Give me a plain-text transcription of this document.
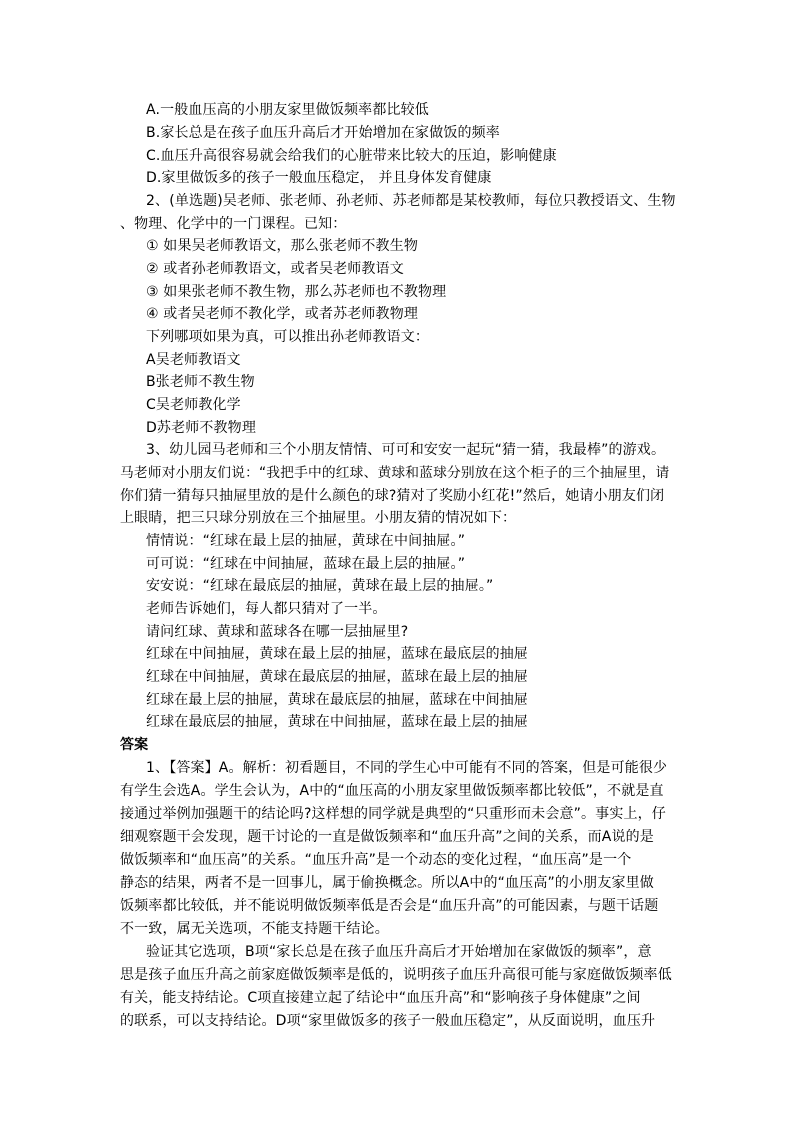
A.一般血压高的小朋友家里做饭频率都比较低
B.家长总是在孩子血压升高后才开始增加在家做饭的频率
C.血压升高很容易就会给我们的心脏带来比较大的压迫，影响健康
D.家里做饭多的孩子一般血压稳定， 并且身体发育健康
2、(单选题)吴老师、张老师、孙老师、苏老师都是某校教师，每位只教授语文、生物
、物理、化学中的一门课程。已知：
① 如果吴老师教语文，那么张老师不教生物
② 或者孙老师教语文，或者吴老师教语文
③ 如果张老师不教生物，那么苏老师也不教物理
④ 或者吴老师不教化学，或者苏老师教物理
下列哪项如果为真，可以推出孙老师教语文：
A吴老师教语文
B张老师不教生物
C吴老师教化学
D苏老师不教物理
3、幼儿园马老师和三个小朋友情情、可可和安安一起玩“猜一猜，我最棒”的游戏。
马老师对小朋友们说：“我把手中的红球、黄球和蓝球分别放在这个柜子的三个抽屉里，请
你们猜一猜每只抽屉里放的是什么颜色的球?猜对了奖励小红花!”然后，她请小朋友们闭
上眼睛，把三只球分别放在三个抽屉里。小朋友猜的情况如下：
情情说：“红球在最上层的抽屉，黄球在中间抽屉。”
可可说：“红球在中间抽屉，蓝球在最上层的抽屉。”
安安说：“红球在最底层的抽屉，黄球在最上层的抽屉。”
老师告诉她们，每人都只猜对了一半。
请问红球、黄球和蓝球各在哪一层抽屉里?
红球在中间抽屉，黄球在最上层的抽屉，蓝球在最底层的抽屉
红球在中间抽屉，黄球在最底层的抽屉，蓝球在最上层的抽屉
红球在最上层的抽屉，黄球在最底层的抽屉，蓝球在中间抽屉
红球在最底层的抽屉，黄球在中间抽屉，蓝球在最上层的抽屉
答案
1、【答案】A。解析：初看题目，不同的学生心中可能有不同的答案，但是可能很少
有学生会选A。学生会认为，A中的“血压高的小朋友家里做饭频率都比较低”，不就是直
接通过举例加强题干的结论吗?这样想的同学就是典型的“只重形而未会意”。事实上，仔
细观察题干会发现，题干讨论的一直是做饭频率和“血压升高”之间的关系，而A说的是
做饭频率和“血压高”的关系。“血压升高”是一个动态的变化过程，“血压高”是一个
静态的结果，两者不是一回事儿，属于偷换概念。所以A中的“血压高”的小朋友家里做
饭频率都比较低，并不能说明做饭频率低是否会是“血压升高”的可能因素，与题干话题
不一致，属无关选项，不能支持题干结论。
验证其它选项，B项“家长总是在孩子血压升高后才开始增加在家做饭的频率”，意
思是孩子血压升高之前家庭做饭频率是低的，说明孩子血压升高很可能与家庭做饭频率低
有关，能支持结论。C项直接建立起了结论中“血压升高”和“影响孩子身体健康”之间
的联系，可以支持结论。D项“家里做饭多的孩子一般血压稳定”，从反面说明，血压升
